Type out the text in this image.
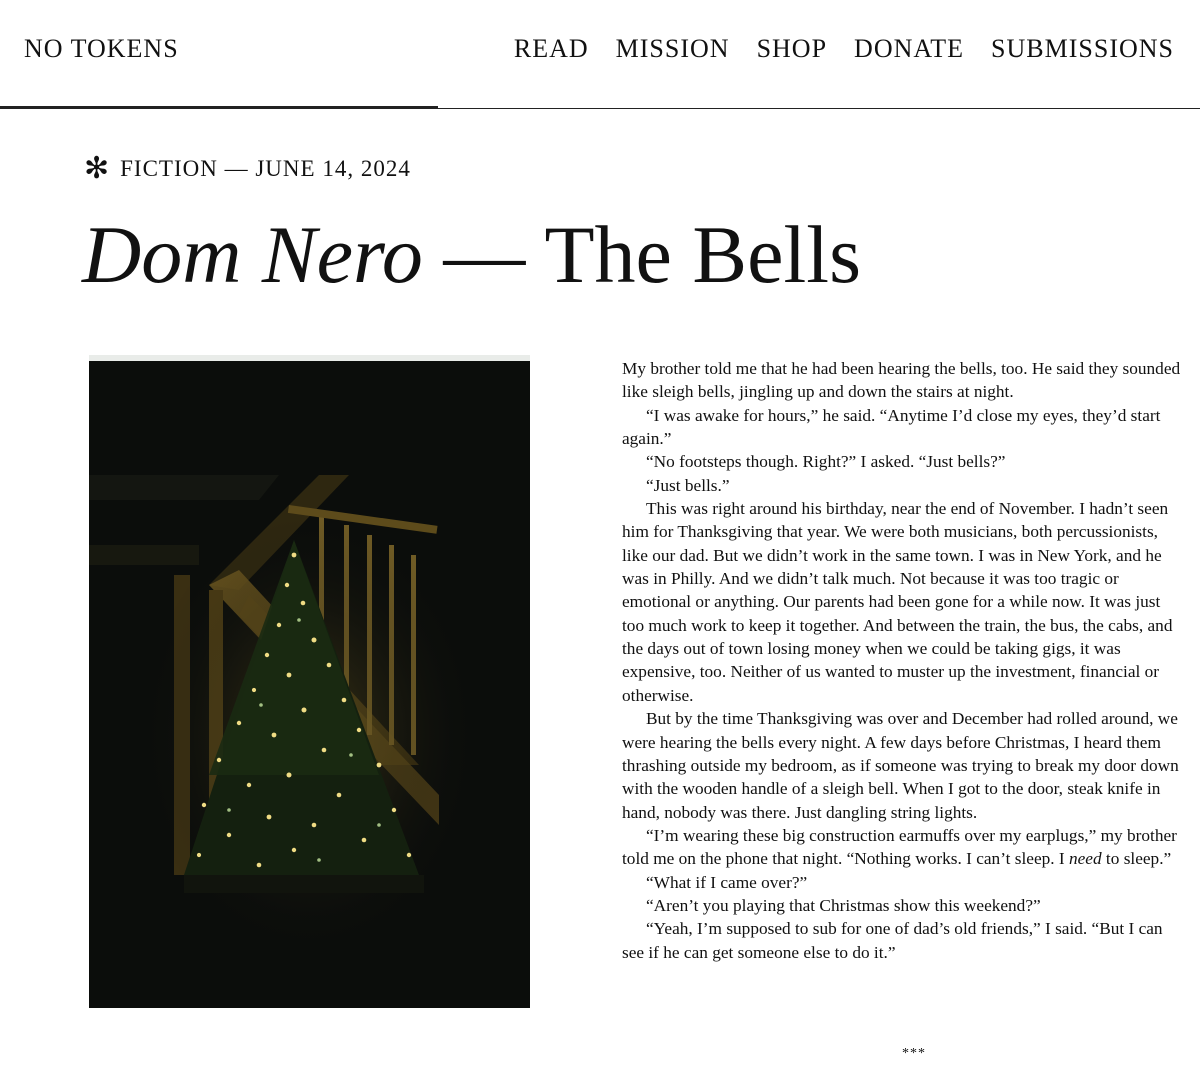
NO TOKENS	READ MISSION SHOP DONATE SUBMISSIONS
✻ FICTION — JUNE 14, 2024
Dom Nero — The Bells

My brother told me that he had been hearing the bells, too. He said they sounded like sleigh bells, jingling up and down the stairs at night.

“I was awake for hours,” he said. “Anytime I’d close my eyes, they’d start again.”

“No footsteps though. Right?” I asked. “Just bells?”

“Just bells.”

This was right around his birthday, near the end of November. I hadn’t seen him for Thanksgiving that year. We were both musicians, both percussionists, like our dad. But we didn’t work in the same town. I was in New York, and he was in Philly. And we didn’t talk much. Not because it was too tragic or emotional or anything. Our parents had been gone for a while now. It was just too much work to keep it together. And between the train, the bus, the cabs, and the days out of town losing money when we could be taking gigs, it was expensive, too. Neither of us wanted to muster up the investment, financial or otherwise.

But by the time Thanksgiving was over and December had rolled around, we were hearing the bells every night. A few days before Christmas, I heard them thrashing outside my bedroom, as if someone was trying to break my door down with the wooden handle of a sleigh bell. When I got to the door, steak knife in hand, nobody was there. Just dangling string lights.

“I’m wearing these big construction earmuffs over my earplugs,” my brother told me on the phone that night. “Nothing works. I can’t sleep. I need to sleep.”

“What if I came over?”

“Aren’t you playing that Christmas show this weekend?”

“Yeah, I’m supposed to sub for one of dad’s old friends,” I said. “But I can see if he can get someone else to do it.”

***
